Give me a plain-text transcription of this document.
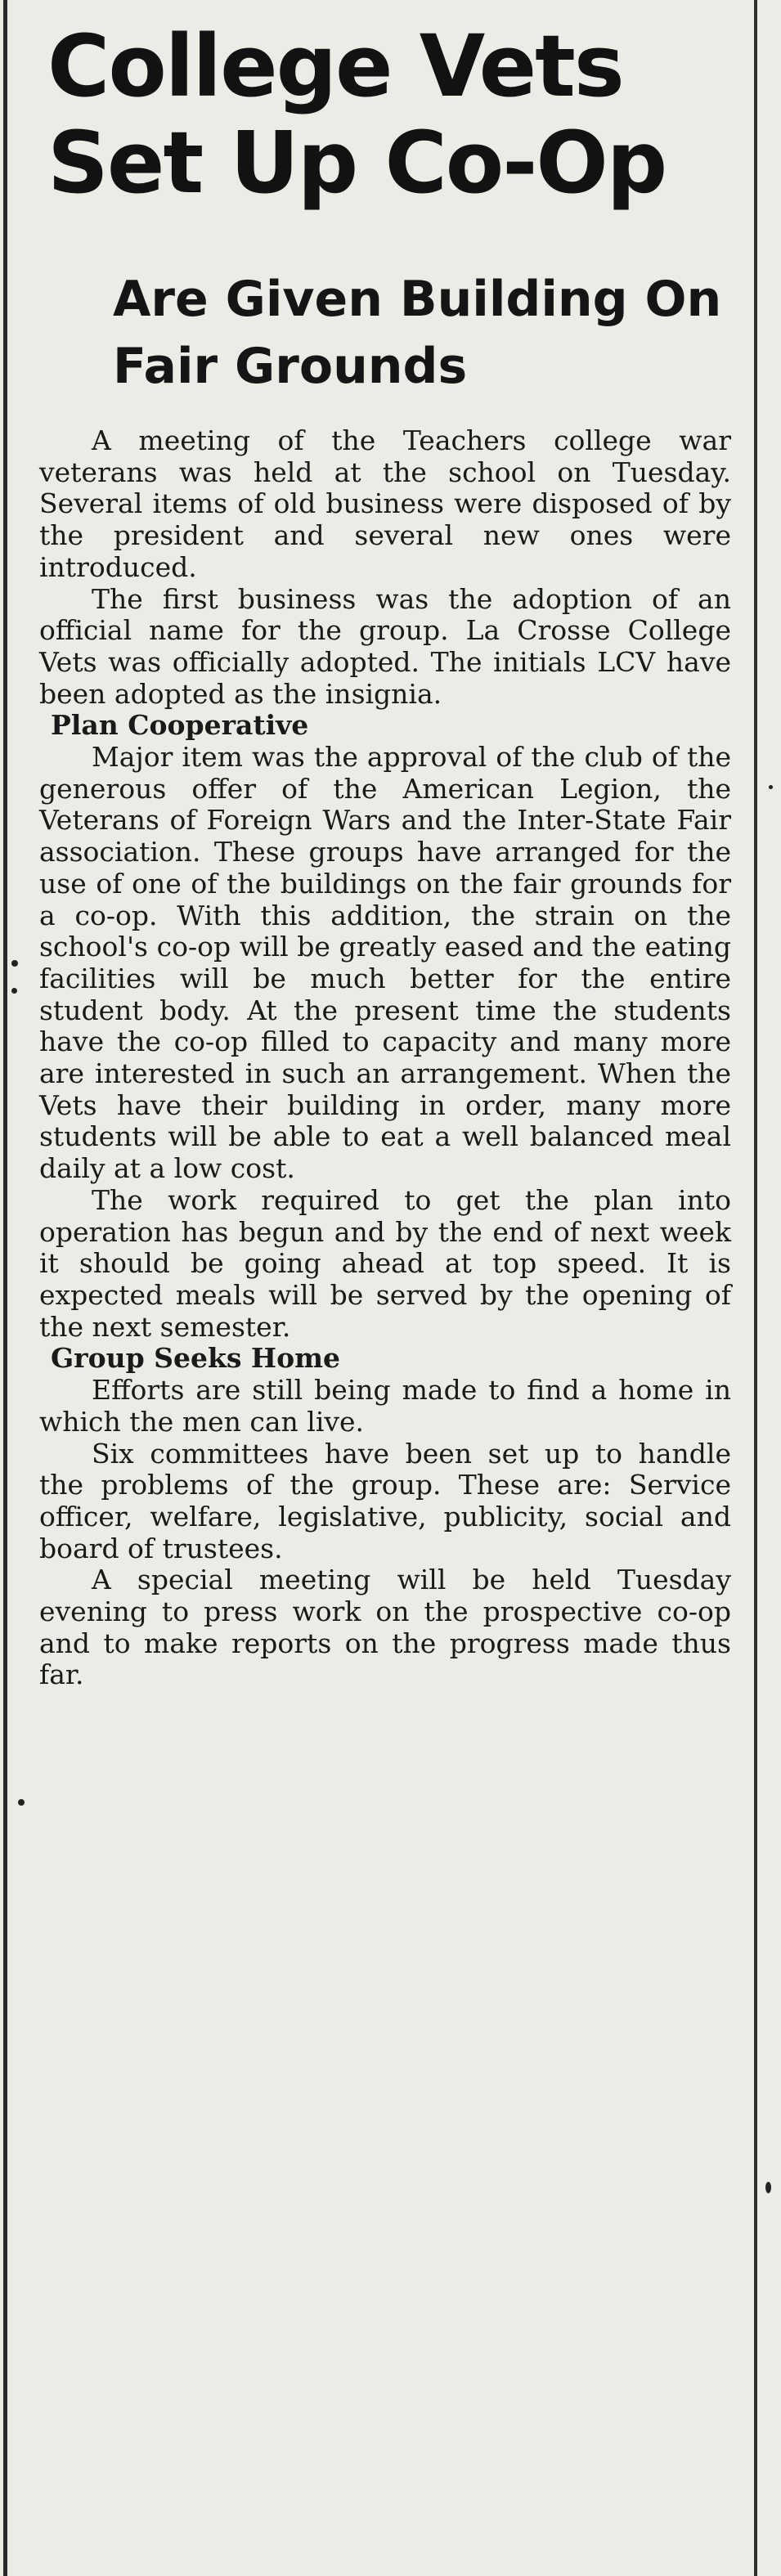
College Vets Set Up Co-Op
Are Given Building On Fair Grounds

A meeting of the Teachers college war veterans was held at the school on Tuesday. Several items of old business were disposed of by the president and several new ones were introduced.

The first business was the adoption of an official name for the group. La Crosse College Vets was officially adopted. The initials LCV have been adopted as the insignia.

Plan Cooperative

Major item was the approval of the club of the generous offer of the American Legion, the Veterans of Foreign Wars and the Inter-State Fair association. These groups have arranged for the use of one of the buildings on the fair grounds for a co-op. With this addition, the strain on the school's co-op will be greatly eased and the eating facilities will be much better for the entire student body. At the present time the students have the co-op filled to capacity and many more are interested in such an arrangement. When the Vets have their building in order, many more students will be able to eat a well balanced meal daily at a low cost.

The work required to get the plan into operation has begun and by the end of next week it should be going ahead at top speed. It is expected meals will be served by the opening of the next semester.

Group Seeks Home

Efforts are still being made to find a home in which the men can live.

Six committees have been set up to handle the problems of the group. These are: Service officer, welfare, legislative, publicity, social and board of trustees.

A special meeting will be held Tuesday evening to press work on the prospective co-op and to make reports on the progress made thus far.
